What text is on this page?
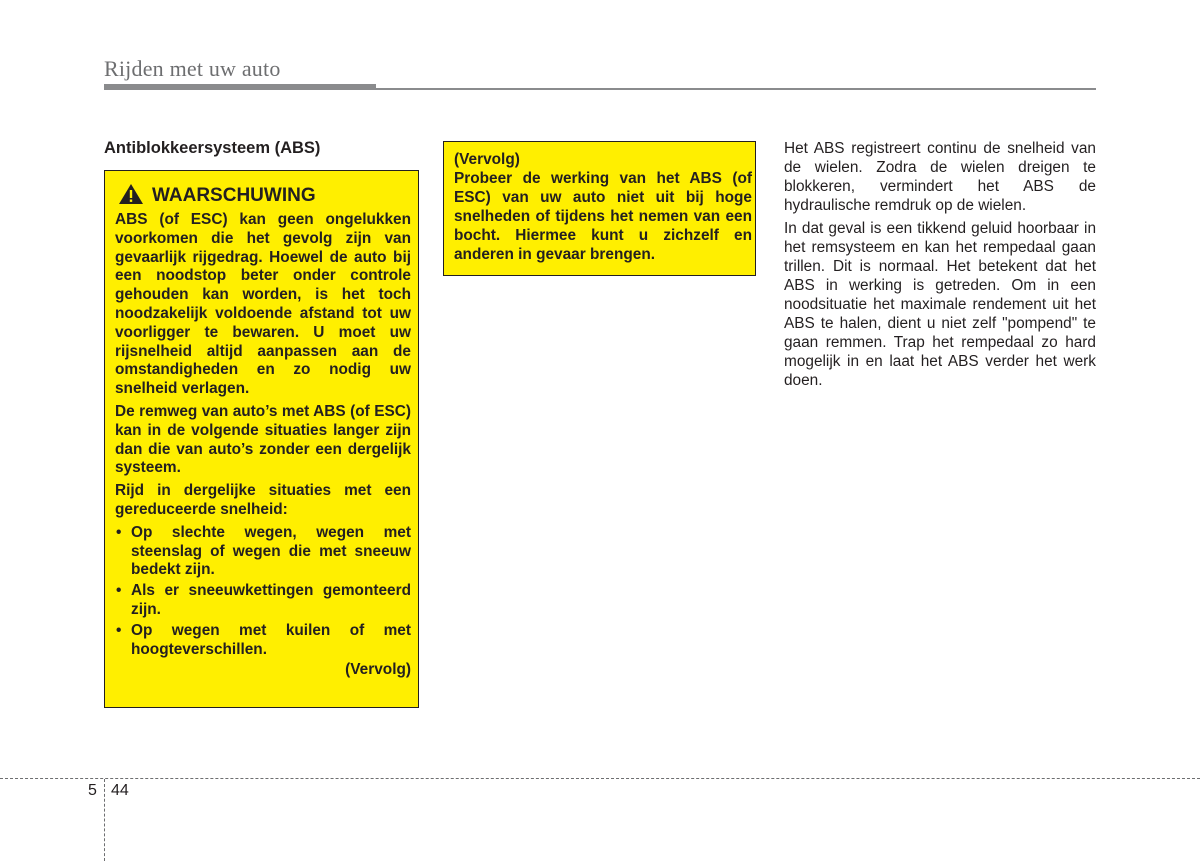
Rijden met uw auto
Antiblokkeersysteem (ABS)
WAARSCHUWING

ABS (of ESC) kan geen ongelukken voorkomen die het gevolg zijn van gevaarlijk rijgedrag. Hoewel de auto bij een noodstop beter onder controle gehouden kan worden, is het toch noodzakelijk voldoende afstand tot uw voorligger te bewaren. U moet uw rijsnelheid altijd aanpassen aan de omstandigheden en zo nodig uw snelheid verlagen.

De remweg van auto’s met ABS (of ESC) kan in de volgende situaties langer zijn dan die van auto’s zonder een dergelijk systeem.

Rijd in dergelijke situaties met een gereduceerde snelheid:

• Op slechte wegen, wegen met steenslag of wegen die met sneeuw bedekt zijn.
• Als er sneeuwkettingen gemonteerd zijn.
• Op wegen met kuilen of met hoogteverschillen.
(Vervolg)
(Vervolg)

Probeer de werking van het ABS (of ESC) van uw auto niet uit bij hoge snelheden of tijdens het nemen van een bocht. Hiermee kunt u zichzelf en anderen in gevaar brengen.

Het ABS registreert continu de snelheid van de wielen. Zodra de wielen dreigen te blokkeren, vermindert het ABS de hydraulische remdruk op de wielen.

In dat geval is een tikkend geluid hoorbaar in het remsysteem en kan het rempedaal gaan trillen. Dit is normaal. Het betekent dat het ABS in werking is getreden. Om in een noodsituatie het maximale rendement uit het ABS te halen, dient u niet zelf "pompend" te gaan remmen. Trap het rempedaal zo hard mogelijk in en laat het ABS verder het werk doen.

5 44
